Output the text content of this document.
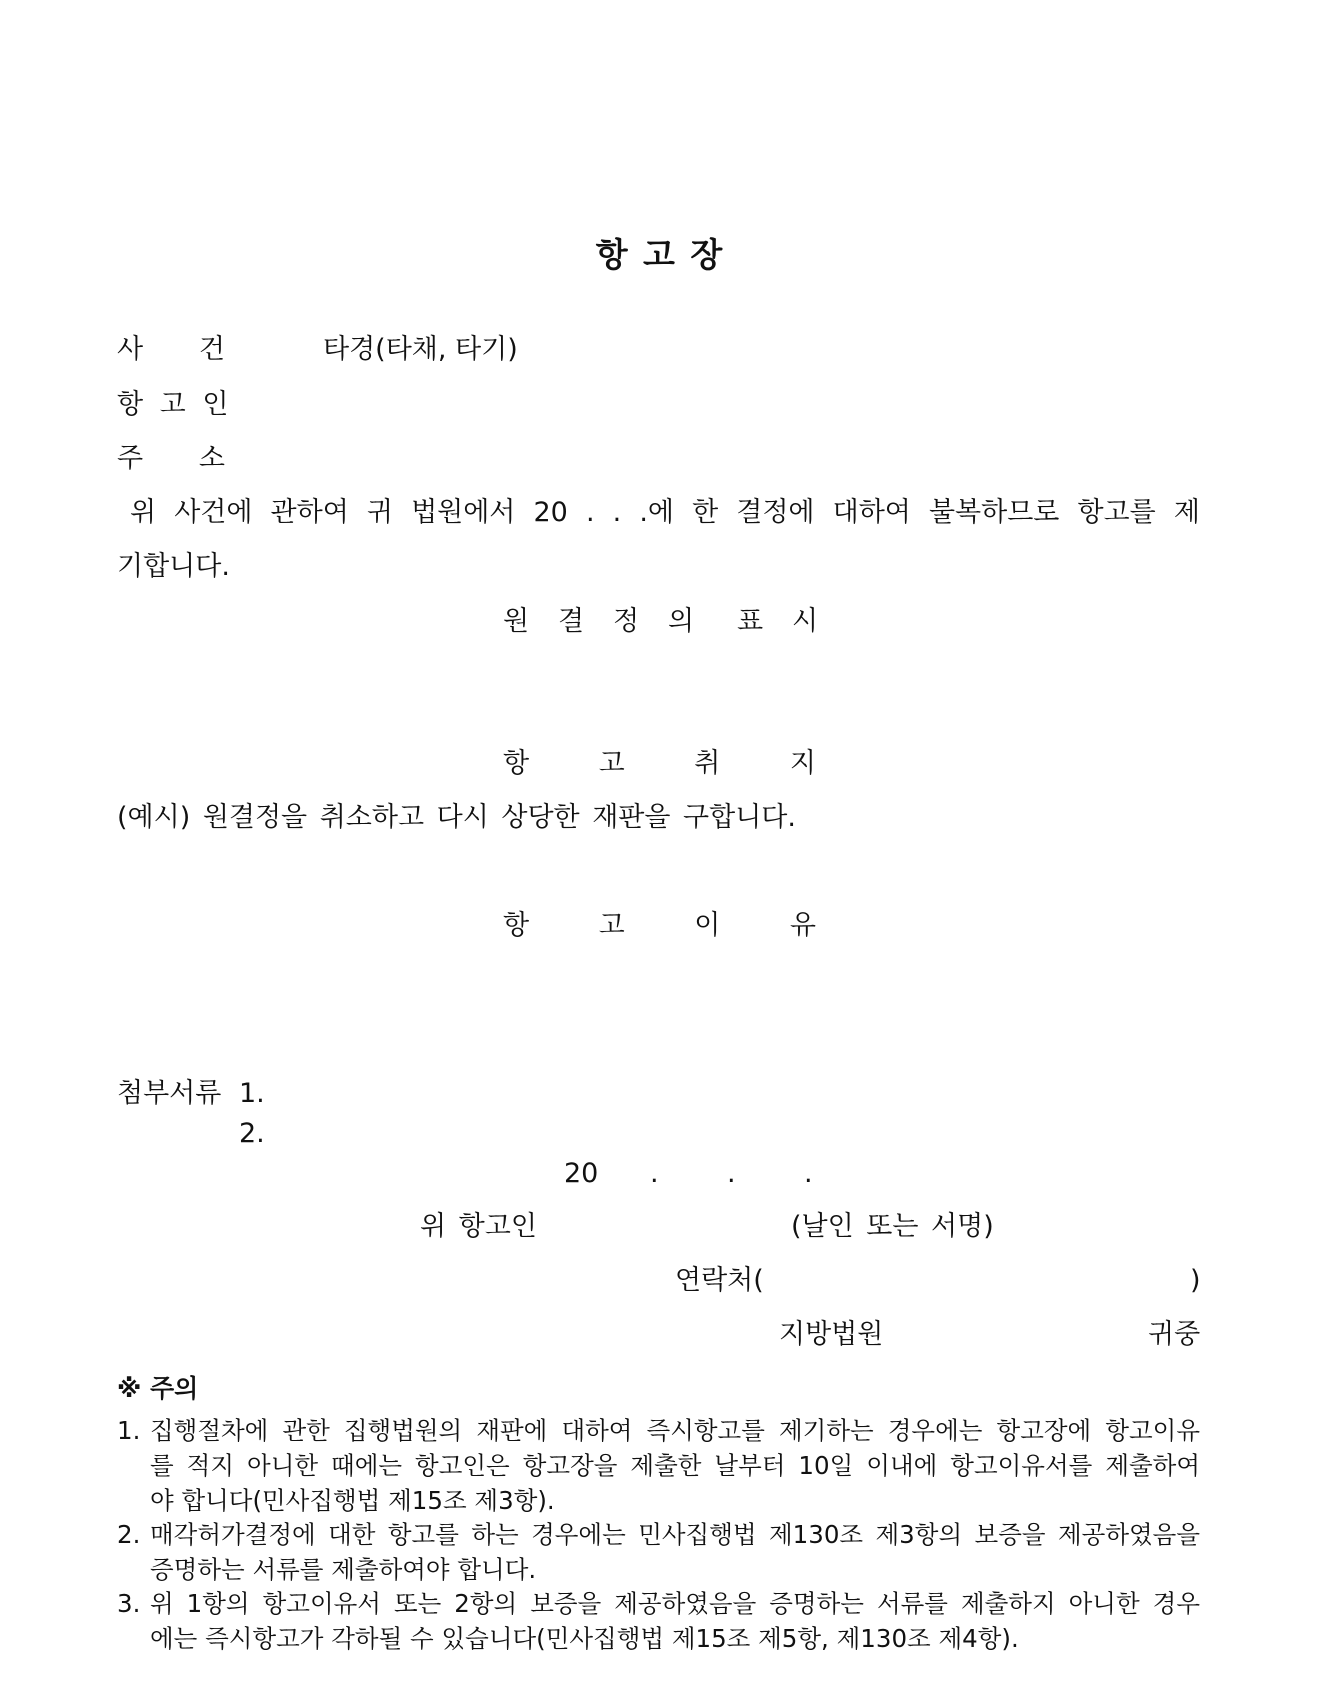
항 고 장
사 건	타경(타채, 타기)
항 고 인
주 소
위 사건에 관하여 귀 법원에서 20 . . .에 한 결정에 대하여 불복하므로 항고를 제
기합니다.
원 결 정 의 표 시
항	고	취	지
(예시) 원결정을 취소하고 다시 상당한 재판을 구합니다.
항	고	이	유
첨부서류 1.
2.
20 .	.	.
위 항고인	(날인 또는 서명)
연락처(	)
지방법원	귀중
※ 주의
1. 집행절차에 관한 집행법원의 재판에 대하여 즉시항고를 제기하는 경우에는 항고장에 항고이유
를 적지 아니한 때에는 항고인은 항고장을 제출한 날부터 10일 이내에 항고이유서를 제출하여
야 합니다(민사집행법 제15조 제3항).
2. 매각허가결정에 대한 항고를 하는 경우에는 민사집행법 제130조 제3항의 보증을 제공하였음을
증명하는 서류를 제출하여야 합니다.
3. 위 1항의 항고이유서 또는 2항의 보증을 제공하였음을 증명하는 서류를 제출하지 아니한 경우
에는 즉시항고가 각하될 수 있습니다(민사집행법 제15조 제5항, 제130조 제4항).
